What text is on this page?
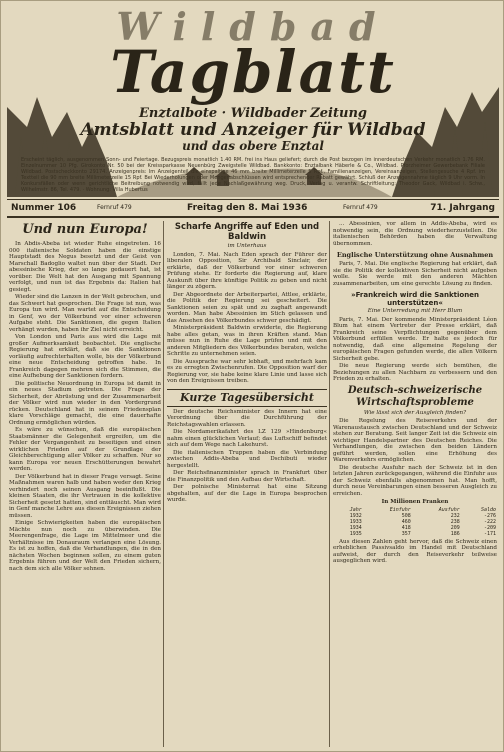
Wildbad
Tagblatt
Enztalbote · Wildbader Zeitung
Amtsblatt und Anzeiger für Wildbad
und das obere Enztal
Erscheint täglich, ausgenommen Sonn- und Feiertage. Bezugspreis monatlich 1.40 RM. frei ins Haus geliefert; durch die Post bezogen im innerdeutschen Verkehr monatlich 1.76 RM. Einzelnummer 10 Pfg. Girokonto Nr. 50 bei der Kreissparkasse Neuenbürg Zweigstelle Wildbad. Bankkonto: Enztalbank Häberle & Co., Wildbad. Pforzheimer Gewerbebank Filiale Wildbad. Postscheckkonto 29174. Anzeigenpreis: Im Anzeigenteil die einspaltige 46 mm breite Millimeterzeile 5 Rpf., Familienanzeigen, Vereinsanzeigen, Stellengesuche 4 Rpf. im Textteil die 90 mm breite Millimeterzeile 15 Rpf. Bei Wiederholungen oder Mengenabschlüssen wird entsprechender Rabatt gewährt. Schluß der Anzeigennahme täglich 9 Uhr vorm. In Konkursfällen oder wenn gerichtliche Beitreibung notwendig wird, fällt jede Nachlaßgewährung weg. Druck, Verlag u. verantw. Schriftleitung: Theodor Gack, Wildbad i. Schw., Wilhelmstr. 86, Tel. 479. · Wohnung: Villa Hubertus
Nummer 106	Fernruf 479	Freitag den 8. Mai 1936	Fernruf 479	71. Jahrgang
Und nun Europa!

In Abdis-Abeba ist wieder Ruhe eingetreten. 16 000 italienische Soldaten haben die einstige Hauptstadt des Negus besetzt und der Geist von Marschall Badoglio waltet nun über der Stadt. Der abessinische Krieg, der so lange gedauert hat, ist vorüber. Die Welt hat den Ausgang mit Spannung verfolgt, und nun ist das Ergebnis da: Italien hat gesiegt.

Wieder sind die Lanzen in der Welt gebrochen, und das Schwert hat gesprochen. Die Frage ist nun, was Europa tun wird. Man wartet auf die Entscheidung in Genf, wo der Völkerbund vor einer schweren Aufgabe steht. Die Sanktionen, die gegen Italien verhängt wurden, haben ihr Ziel nicht erreicht.

Von London und Paris aus wird die Lage mit großer Aufmerksamkeit beobachtet. Die englische Regierung hat erklärt, daß sie die Sanktionen vorläufig aufrechterhalten wolle, bis der Völkerbund eine neue Entscheidung getroffen habe. In Frankreich dagegen mehren sich die Stimmen, die eine Aufhebung der Sanktionen fordern.

Die politische Neuordnung in Europa ist damit in ein neues Stadium getreten. Die Frage der Sicherheit, der Abrüstung und der Zusammenarbeit der Völker wird nun wieder in den Vordergrund rücken. Deutschland hat in seinem Friedensplan klare Vorschläge gemacht, die eine dauerhafte Ordnung ermöglichen würden.

Es wäre zu wünschen, daß die europäischen Staatsmänner die Gelegenheit ergreifen, um die Fehler der Vergangenheit zu beseitigen und einen wirklichen Frieden auf der Grundlage der Gleichberechtigung aller Völker zu schaffen. Nur so kann Europa vor neuen Erschütterungen bewahrt werden.

Der Völkerbund hat in dieser Frage versagt. Seine Maßnahmen waren halb und haben weder den Krieg verhindert noch seinen Ausgang beeinflußt. Die kleinen Staaten, die ihr Vertrauen in die kollektive Sicherheit gesetzt hatten, sind enttäuscht. Man wird in Genf manche Lehre aus diesen Ereignissen ziehen müssen.

Einige Schwierigkeiten haben die europäischen Mächte nun noch zu überwinden. Die Meerengenfrage, die Lage im Mittelmeer und die Verhältnisse im Donauraum verlangen eine Lösung. Es ist zu hoffen, daß die Verhandlungen, die in den nächsten Wochen beginnen sollen, zu einem guten Ergebnis führen und der Welt den Frieden sichern, nach dem sich alle Völker sehnen.

Scharfe Angriffe auf Eden und Baldwin
im Unterhaus

London, 7. Mai. Nach Eden sprach der Führer der liberalen Opposition, Sir Archibald Sinclair, der erklärte, daß der Völkerbund vor einer schweren Prüfung stehe. Er forderte die Regierung auf, klare Auskunft über ihre künftige Politik zu geben und nicht länger zu zögern.

Der Abgeordnete der Arbeiterpartei, Attlee, erklärte, die Politik der Regierung sei gescheitert. Die Sanktionen seien zu spät und zu zaghaft angewandt worden. Man habe Abessinien im Stich gelassen und das Ansehen des Völkerbundes schwer geschädigt.

Ministerpräsident Baldwin erwiderte, die Regierung habe alles getan, was in ihren Kräften stand. Man müsse nun in Ruhe die Lage prüfen und mit den anderen Mitgliedern des Völkerbundes beraten, welche Schritte zu unternehmen seien.

Die Aussprache war sehr lebhaft, und mehrfach kam es zu erregten Zwischenrufen. Die Opposition warf der Regierung vor, sie habe keine klare Linie und lasse sich von den Ereignissen treiben.

Kurze Tagesübersicht

Der deutsche Reichsminister des Innern hat eine Verordnung über die Durchführung der Reichstagswahlen erlassen.

Die Nordamerikafahrt des LZ 129 »Hindenburg« nahm einen glücklichen Verlauf; das Luftschiff befindet sich auf dem Wege nach Lakehurst.

Die italienischen Truppen haben die Verbindung zwischen Addis-Abeba und Dschibuti wieder hergestellt.

Der Reichsfinanzminister sprach in Frankfurt über die Finanzpolitik und den Aufbau der Wirtschaft.

Der polnische Ministerrat hat eine Sitzung abgehalten, auf der die Lage in Europa besprochen wurde.

... Abessinien, vor allem in Addis-Abeba, wird es notwendig sein, die Ordnung wiederherzustellen. Die italienischen Behörden haben die Verwaltung übernommen.

Englische Unterstützung ohne Ausnahmen

Paris, 7. Mai. Die englische Regierung hat erklärt, daß sie die Politik der kollektiven Sicherheit nicht aufgeben wolle. Sie werde mit den anderen Mächten zusammenarbeiten, um eine gerechte Lösung zu finden.

»Frankreich wird die Sanktionen unterstützen«
Eine Unterredung mit Herr Blum

Paris, 7. Mai. Der kommende Ministerpräsident Léon Blum hat einem Vertreter der Presse erklärt, daß Frankreich seine Verpflichtungen gegenüber dem Völkerbund erfüllen werde. Er halte es jedoch für notwendig, daß eine allgemeine Regelung der europäischen Fragen gefunden werde, die allen Völkern Sicherheit gebe.

Die neue Regierung werde sich bemühen, die Beziehungen zu allen Nachbarn zu verbessern und den Frieden zu erhalten.

Deutsch-schweizerische Wirtschaftsprobleme
Wie lässt sich der Ausgleich finden?

Die Regelung des Reiseverkehrs und der Warenaustausch zwischen Deutschland und der Schweiz stehen zur Beratung. Seit langer Zeit ist die Schweiz ein wichtiger Handelspartner des Deutschen Reiches. Die Verhandlungen, die zwischen den beiden Ländern geführt werden, sollen eine Erhöhung des Warenverkehrs ermöglichen.

Die deutsche Ausfuhr nach der Schweiz ist in den letzten Jahren zurückgegangen, während die Einfuhr aus der Schweiz ebenfalls abgenommen hat. Man hofft, durch neue Vereinbarungen einen besseren Ausgleich zu erreichen.

In Millionen Franken
Jahr	Einfuhr	Ausfuhr	Saldo
1932	508	232	-276
1933	460	238	-222
1934	418	209	-209
1935	357	186	-171

Aus diesen Zahlen geht hervor, daß die Schweiz einen erheblichen Passivsaldo im Handel mit Deutschland aufweist, der durch den Reiseverkehr teilweise ausgeglichen wird.
